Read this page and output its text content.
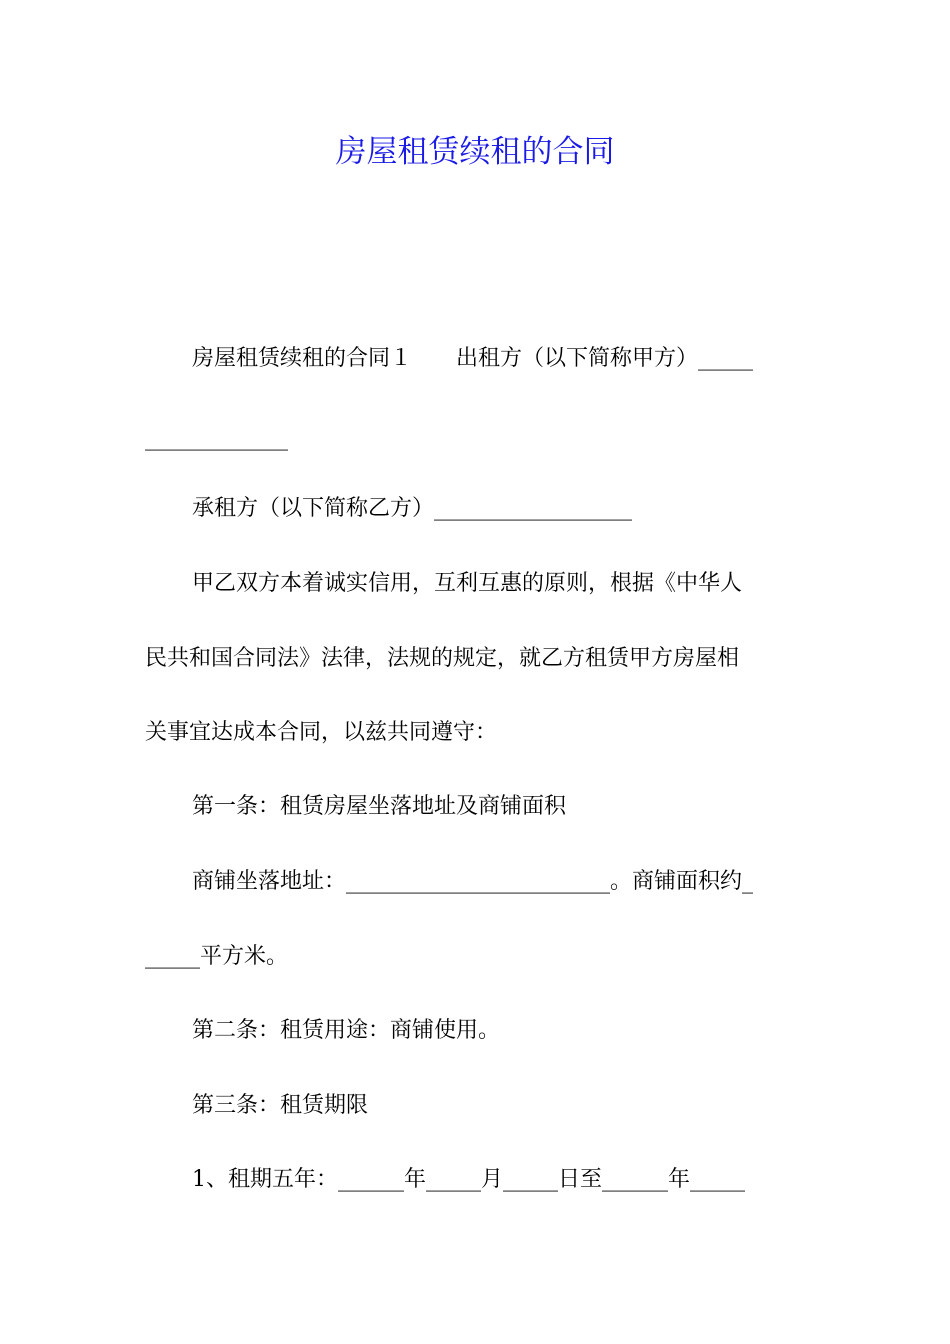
房屋租赁续租的合同
房屋租赁续租的合同１　　出租方（以下简称甲方）_____
_____________
承租方（以下简称乙方）__________________
甲乙双方本着诚实信用，互利互惠的原则，根据《中华人
民共和国合同法》法律，法规的规定，就乙方租赁甲方房屋相
关事宜达成本合同，以兹共同遵守：
第一条：租赁房屋坐落地址及商铺面积
商铺坐落地址：________________________。商铺面积约_
_____平方米。
第二条：租赁用途：商铺使用。
第三条：租赁期限
1、租期五年：______年_____月_____日至______年_____
